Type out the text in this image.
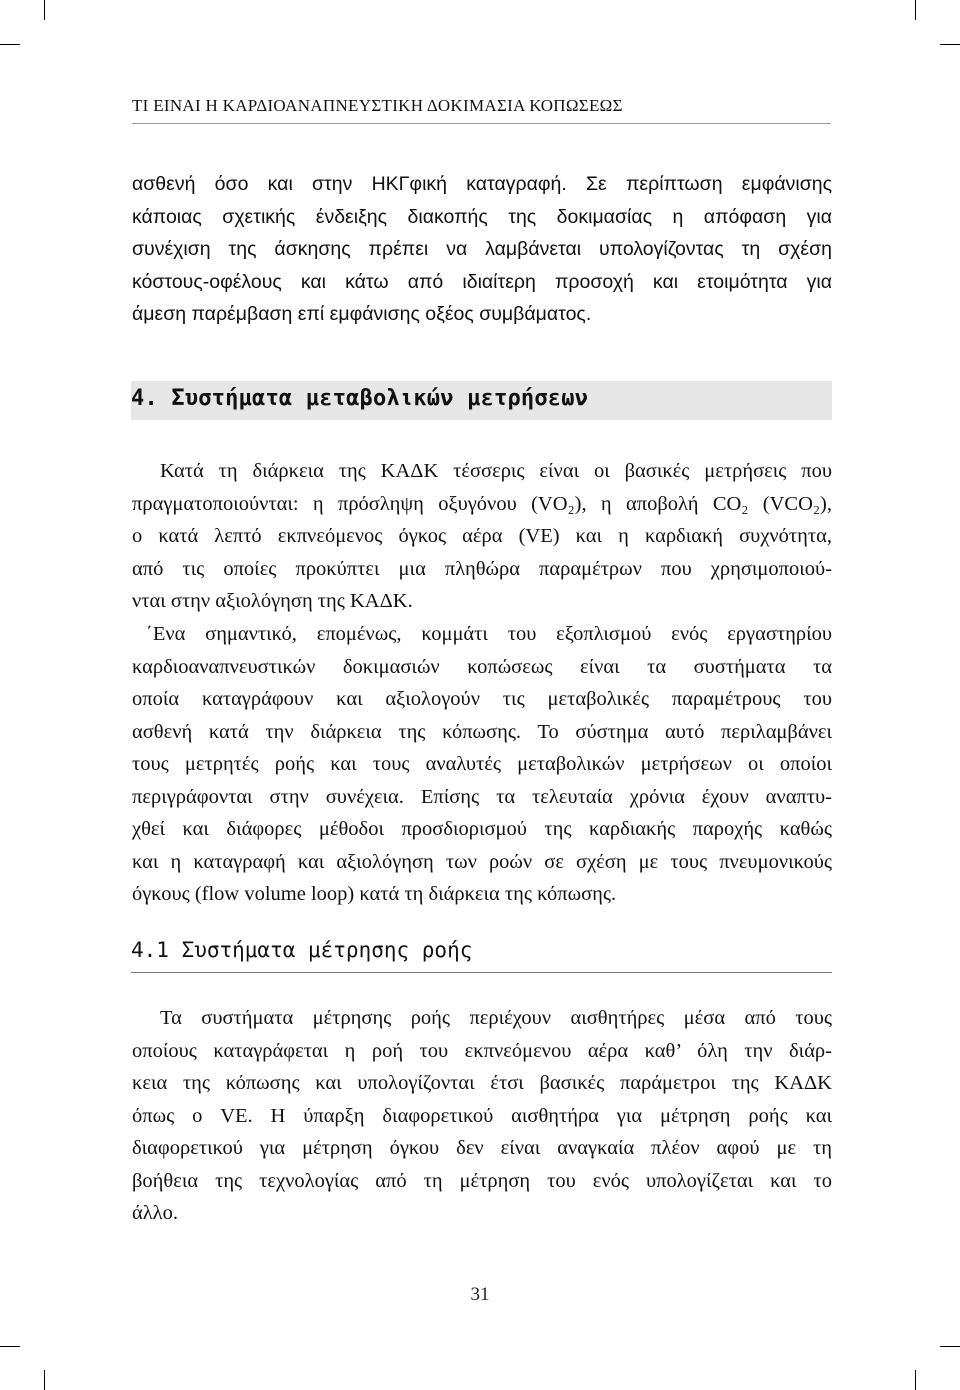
ΤΙ ΕΙΝΑΙ Η ΚΑΡΔΙΟΑΝΑΠΝΕΥΣΤΙΚΗ ΔΟΚΙΜΑΣΙΑ ΚΟΠΩΣΕΩΣ
ασθενή όσο και στην ΗΚΓφική καταγραφή. Σε περίπτωση εμφάνισης
κάποιας σχετικής ένδειξης διακοπής της δοκιμασίας η απόφαση για
συνέχιση της άσκησης πρέπει να λαμβάνεται υπολογίζοντας τη σχέση
κόστους-οφέλους και κάτω από ιδιαίτερη προσοχή και ετοιμότητα για
άμεση παρέμβαση επί εμφάνισης οξέος συμβάματος.
4. Συστήματα μεταβολικών μετρήσεων
Κατά τη διάρκεια της ΚΑΔΚ τέσσερις είναι οι βασικές μετρήσεις που
πραγματοποιούνται: η πρόσληψη οξυγόνου (VO₂), η αποβολή CO₂ (VCO₂),
ο κατά λεπτό εκπνεόμενος όγκος αέρα (VE) και η καρδιακή συχνότητα,
από τις οποίες προκύπτει μια πληθώρα παραμέτρων που χρησιμοποιού-
νται στην αξιολόγηση της ΚΑΔΚ.
΄Ενα σημαντικό, επομένως, κομμάτι του εξοπλισμού ενός εργαστηρίου
καρδιοαναπνευστικών δοκιμασιών κοπώσεως είναι τα συστήματα τα
οποία καταγράφουν και αξιολογούν τις μεταβολικές παραμέτρους του
ασθενή κατά την διάρκεια της κόπωσης. Το σύστημα αυτό περιλαμβάνει
τους μετρητές ροής και τους αναλυτές μεταβολικών μετρήσεων οι οποίοι
περιγράφονται στην συνέχεια. Επίσης τα τελευταία χρόνια έχουν αναπτυ-
χθεί και διάφορες μέθοδοι προσδιορισμού της καρδιακής παροχής καθώς
και η καταγραφή και αξιολόγηση των ροών σε σχέση με τους πνευμονικούς
όγκους (flow volume loop) κατά τη διάρκεια της κόπωσης.
4.1 Συστήματα μέτρησης ροής
Τα συστήματα μέτρησης ροής περιέχουν αισθητήρες μέσα από τους
οποίους καταγράφεται η ροή του εκπνεόμενου αέρα καθ’ όλη την διάρ-
κεια της κόπωσης και υπολογίζονται έτσι βασικές παράμετροι της ΚΑΔΚ
όπως ο VE. Η ύπαρξη διαφορετικού αισθητήρα για μέτρηση ροής και
διαφορετικού για μέτρηση όγκου δεν είναι αναγκαία πλέον αφού με τη
βοήθεια της τεχνολογίας από τη μέτρηση του ενός υπολογίζεται και το
άλλο.
31
